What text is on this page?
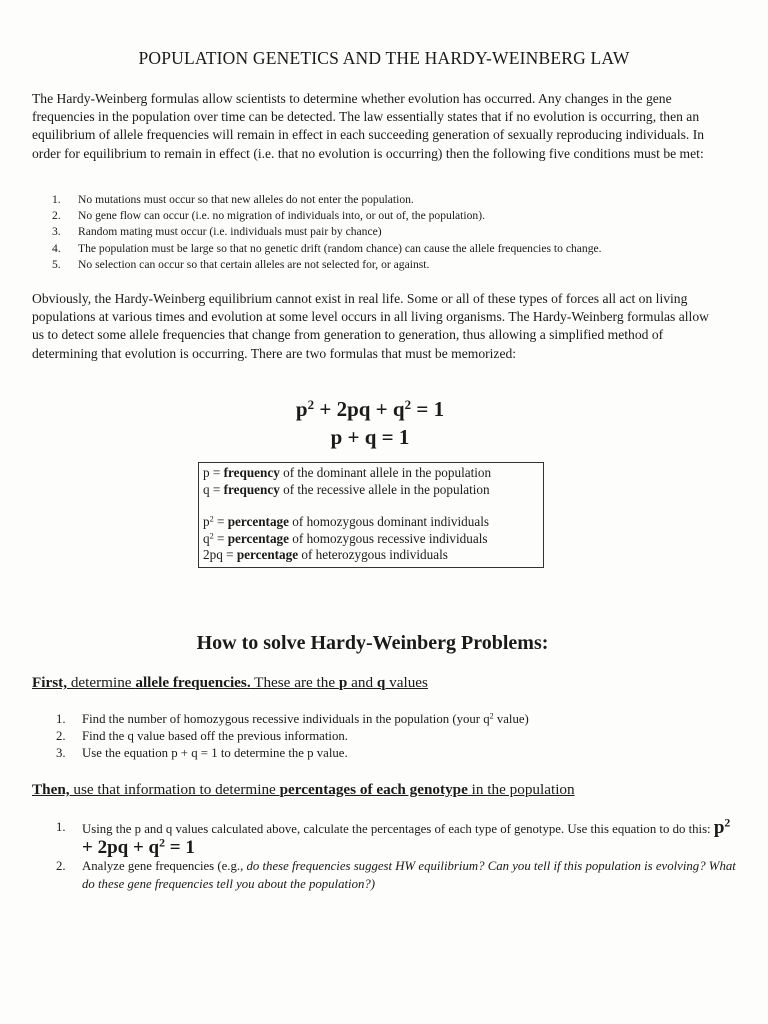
POPULATION GENETICS AND THE HARDY-WEINBERG LAW
The Hardy-Weinberg formulas allow scientists to determine whether evolution has occurred. Any changes in the gene frequencies in the population over time can be detected. The law essentially states that if no evolution is occurring, then an equilibrium of allele frequencies will remain in effect in each succeeding generation of sexually reproducing individuals. In order for equilibrium to remain in effect (i.e. that no evolution is occurring) then the following five conditions must be met:
1.	No mutations must occur so that new alleles do not enter the population.
2.	No gene flow can occur (i.e. no migration of individuals into, or out of, the population).
3.	Random mating must occur (i.e. individuals must pair by chance)
4.	The population must be large so that no genetic drift (random chance) can cause the allele frequencies to change.
5.	No selection can occur so that certain alleles are not selected for, or against.
Obviously, the Hardy-Weinberg equilibrium cannot exist in real life. Some or all of these types of forces all act on living populations at various times and evolution at some level occurs in all living organisms. The Hardy-Weinberg formulas allow us to detect some allele frequencies that change from generation to generation, thus allowing a simplified method of determining that evolution is occurring. There are two formulas that must be memorized:
$p^2 + 2pq + q^2 = 1$
p + q = 1
p = frequency of the dominant allele in the population
q = frequency of the recessive allele in the population
$p^2$ = percentage of homozygous dominant individuals
$q^2$ = percentage of homozygous recessive individuals
2pq = percentage of heterozygous individuals
How to solve Hardy-Weinberg Problems:
First, determine allele frequencies. These are the p and q values
1.	Find the number of homozygous recessive individuals in the population (your $q^2$ value)
2.	Find the q value based off the previous information.
3.	Use the equation p + q = 1 to determine the p value.
Then, use that information to determine percentages of each genotype in the population
1.	Using the p and q values calculated above, calculate the percentages of each type of genotype. Use this equation to do this: $p^2 + 2pq + q^2 = 1$
2.	Analyze gene frequencies (e.g., do these frequencies suggest HW equilibrium? Can you tell if this population is evolving? What do these gene frequencies tell you about the population?)
